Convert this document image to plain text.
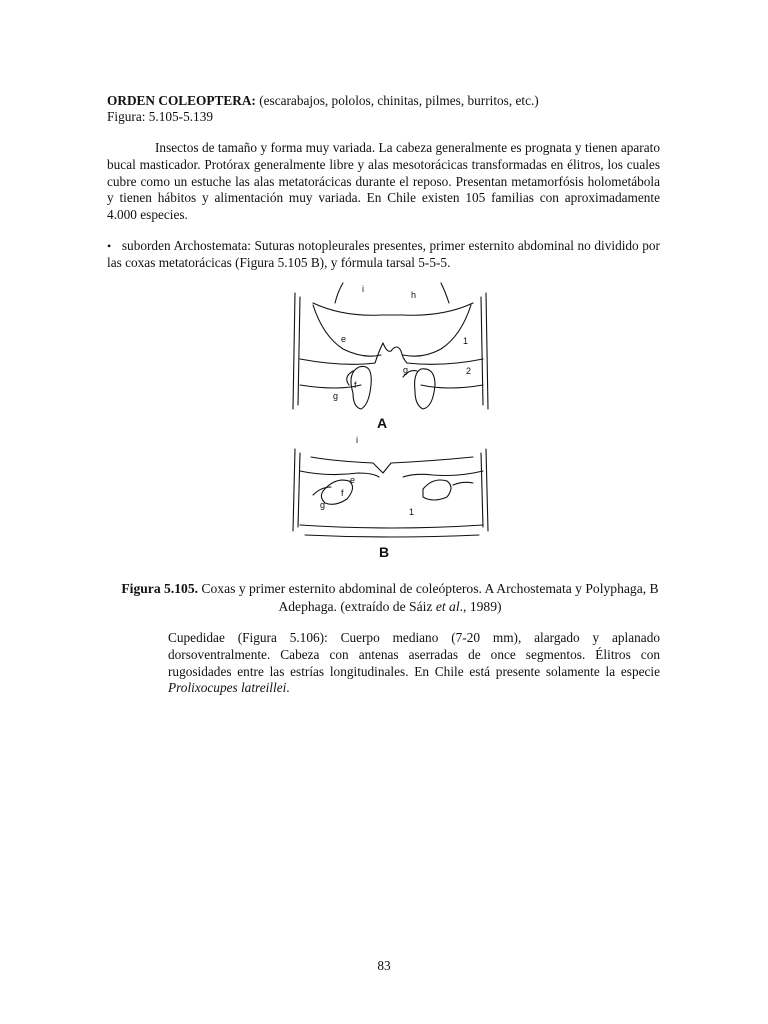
ORDEN COLEOPTERA: (escarabajos, pololos, chinitas, pilmes, burritos, etc.)
Figura: 5.105-5.139

Insectos de tamaño y forma muy variada. La cabeza generalmente es prognata y tienen aparato bucal masticador. Protórax generalmente libre y alas mesotorácicas transformadas en élitros, los cuales cubre como un estuche las alas metatorácicas durante el reposo. Presentan metamorfósis holometábola y tienen hábitos y alimentación muy variada. En Chile existen 105 familias con aproximadamente 4.000 especies.

• suborden Archostemata: Suturas notopleurales presentes, primer esternito abdominal no dividido por las coxas metatorácicas (Figura 5.105 B), y fórmula tarsal 5-5-5.

i
h
e	1
2
f
g
g
A
i
e
f
g
1
B
Figura 5.105. Coxas y primer esternito abdominal de coleópteros. A Archostemata y Polyphaga, B Adephaga. (extraído de Sáiz et al., 1989)

Cupedidae (Figura 5.106): Cuerpo mediano (7-20 mm), alargado y aplanado dorsoventralmente. Cabeza con antenas aserradas de once segmentos. Élitros con rugosidades entre las estrías longitudinales. En Chile está presente solamente la especie Prolixocupes latreillei.

83
